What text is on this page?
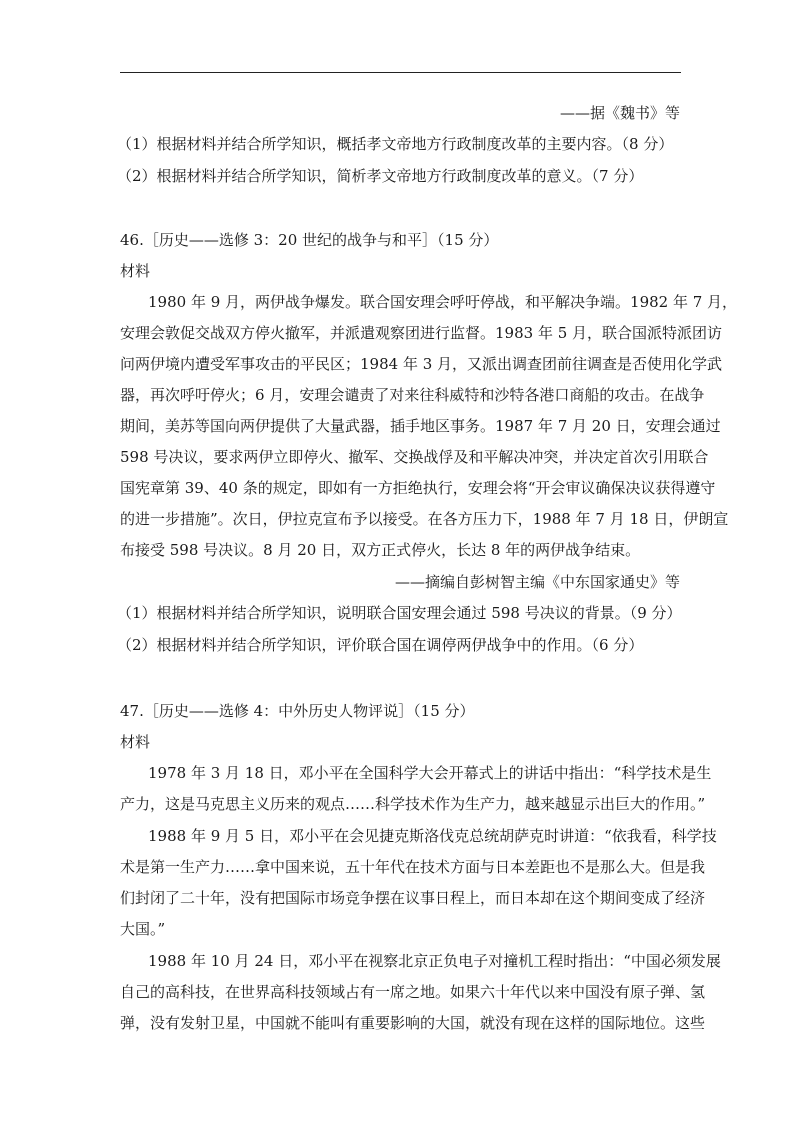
——据《魏书》等
（1）根据材料并结合所学知识，概括孝文帝地方行政制度改革的主要内容。（8 分）
（2）根据材料并结合所学知识，简析孝文帝地方行政制度改革的意义。（7 分）
46.［历史——选修 3：20 世纪的战争与和平］（15 分）
材料
1980 年 9 月，两伊战争爆发。联合国安理会呼吁停战，和平解决争端。1982 年 7 月，
安理会敦促交战双方停火撤军，并派遣观察团进行监督。1983 年 5 月，联合国派特派团访
问两伊境内遭受军事攻击的平民区；1984 年 3 月，又派出调查团前往调查是否使用化学武
器，再次呼吁停火；6 月，安理会谴责了对来往科威特和沙特各港口商船的攻击。在战争
期间，美苏等国向两伊提供了大量武器，插手地区事务。1987 年 7 月 20 日，安理会通过
598 号决议，要求两伊立即停火、撤军、交换战俘及和平解决冲突，并决定首次引用联合
国宪章第 39、40 条的规定，即如有一方拒绝执行，安理会将“开会审议确保决议获得遵守
的进一步措施”。次日，伊拉克宣布予以接受。在各方压力下，1988 年 7 月 18 日，伊朗宣
布接受 598 号决议。8 月 20 日，双方正式停火，长达 8 年的两伊战争结束。
——摘编自彭树智主编《中东国家通史》等
（1）根据材料并结合所学知识，说明联合国安理会通过 598 号决议的背景。（9 分）
（2）根据材料并结合所学知识，评价联合国在调停两伊战争中的作用。（6 分）
47.［历史——选修 4：中外历史人物评说］（15 分）
材料
1978 年 3 月 18 日，邓小平在全国科学大会开幕式上的讲话中指出：“科学技术是生
产力，这是马克思主义历来的观点……科学技术作为生产力，越来越显示出巨大的作用。”
1988 年 9 月 5 日，邓小平在会见捷克斯洛伐克总统胡萨克时讲道：“依我看，科学技
术是第一生产力……拿中国来说，五十年代在技术方面与日本差距也不是那么大。但是我
们封闭了二十年，没有把国际市场竞争摆在议事日程上，而日本却在这个期间变成了经济
大国。”
1988 年 10 月 24 日，邓小平在视察北京正负电子对撞机工程时指出：“中国必须发展
自己的高科技，在世界高科技领域占有一席之地。如果六十年代以来中国没有原子弹、氢
弹，没有发射卫星，中国就不能叫有重要影响的大国，就没有现在这样的国际地位。这些
